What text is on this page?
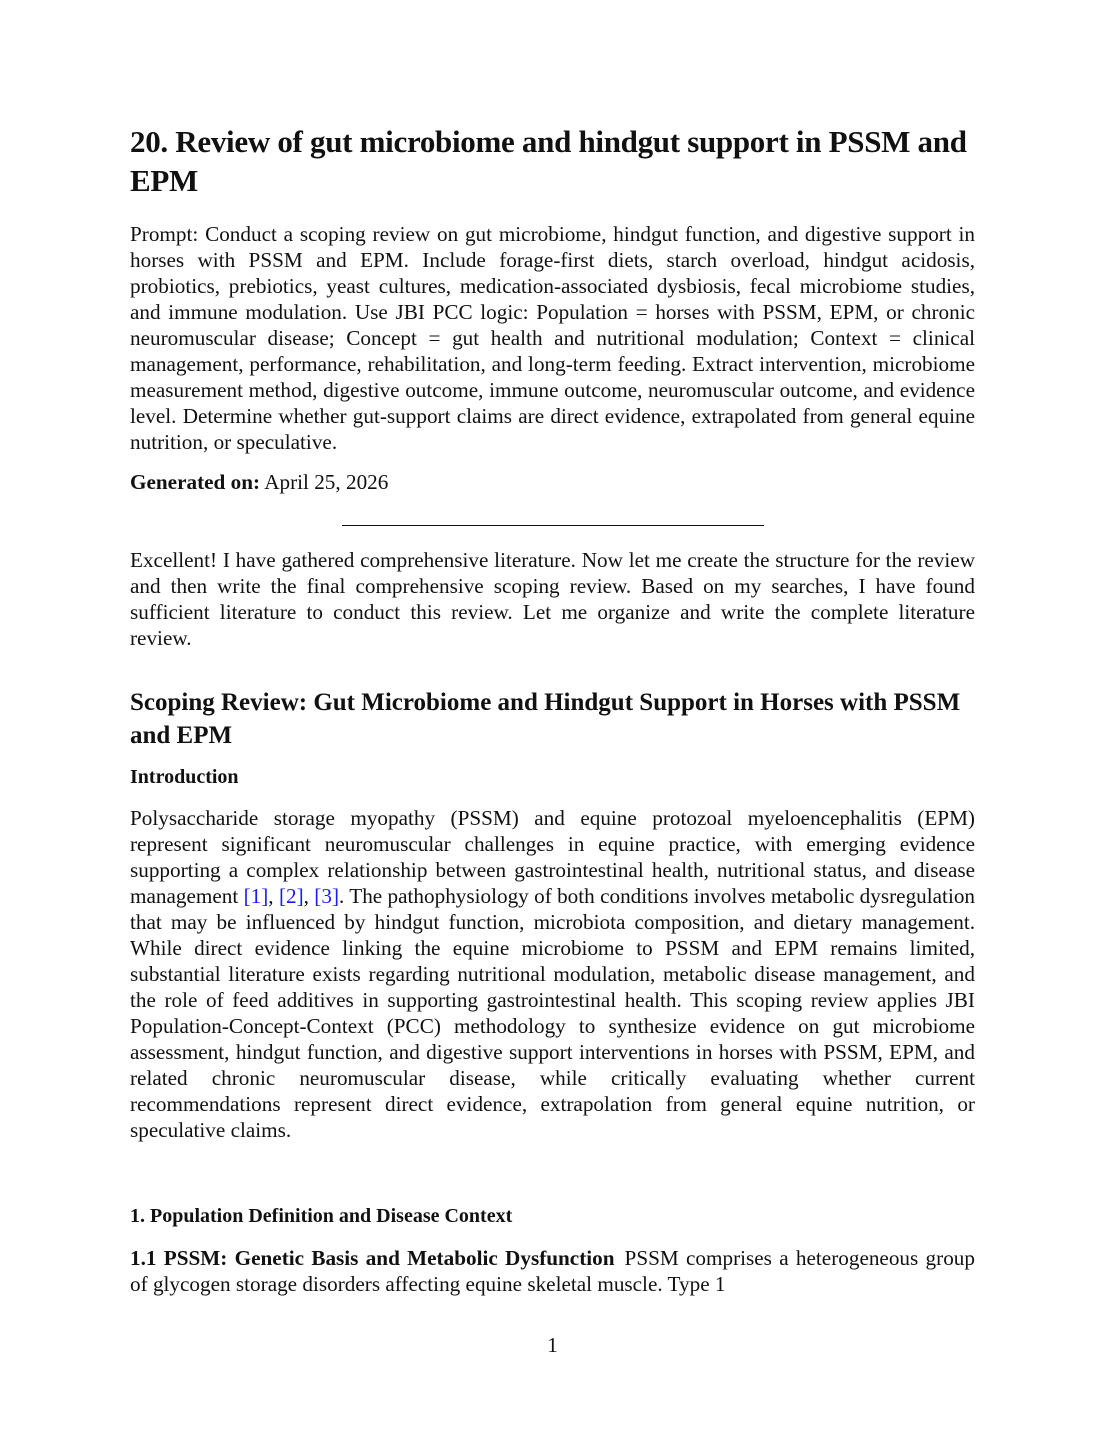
20. Review of gut microbiome and hindgut support in PSSM and EPM

Prompt: Conduct a scoping review on gut microbiome, hindgut function, and digestive support in horses with PSSM and EPM. Include forage-first diets, starch overload, hindgut acidosis, probiotics, prebiotics, yeast cultures, medication-associated dysbiosis, fecal microbiome studies, and immune modulation. Use JBI PCC logic: Population = horses with PSSM, EPM, or chronic neuromuscular disease; Concept = gut health and nutritional modulation; Context = clinical management, performance, rehabilitation, and long-term feeding. Extract intervention, microbiome measurement method, digestive outcome, immune outcome, neuromuscular outcome, and evidence level. Determine whether gut-support claims are direct evidence, extrapolated from general equine nutrition, or speculative.

Generated on: April 25, 2026

Excellent! I have gathered comprehensive literature. Now let me create the structure for the review and then write the final comprehensive scoping review. Based on my searches, I have found sufficient literature to conduct this review. Let me organize and write the complete literature review.

Scoping Review: Gut Microbiome and Hindgut Support in Horses with PSSM and EPM
Introduction

Polysaccharide storage myopathy (PSSM) and equine protozoal myeloencephalitis (EPM) represent significant neuromuscular challenges in equine practice, with emerging evidence supporting a complex relationship between gastrointestinal health, nutritional status, and disease management [1], [2], [3]. The pathophysiology of both conditions involves metabolic dysregulation that may be influenced by hindgut function, microbiota composition, and dietary management. While direct evidence linking the equine microbiome to PSSM and EPM remains limited, substantial literature exists regarding nutritional modulation, metabolic disease management, and the role of feed additives in supporting gastrointestinal health. This scoping review applies JBI Population-Concept-Context (PCC) methodology to synthesize evidence on gut microbiome assessment, hindgut function, and digestive support interventions in horses with PSSM, EPM, and related chronic neuromuscular disease, while critically evaluating whether current recommendations represent direct evidence, extrapolation from general equine nutrition, or speculative claims.

1. Population Definition and Disease Context

1.1 PSSM: Genetic Basis and Metabolic Dysfunction PSSM comprises a heterogeneous group of glycogen storage disorders affecting equine skeletal muscle. Type 1

1
